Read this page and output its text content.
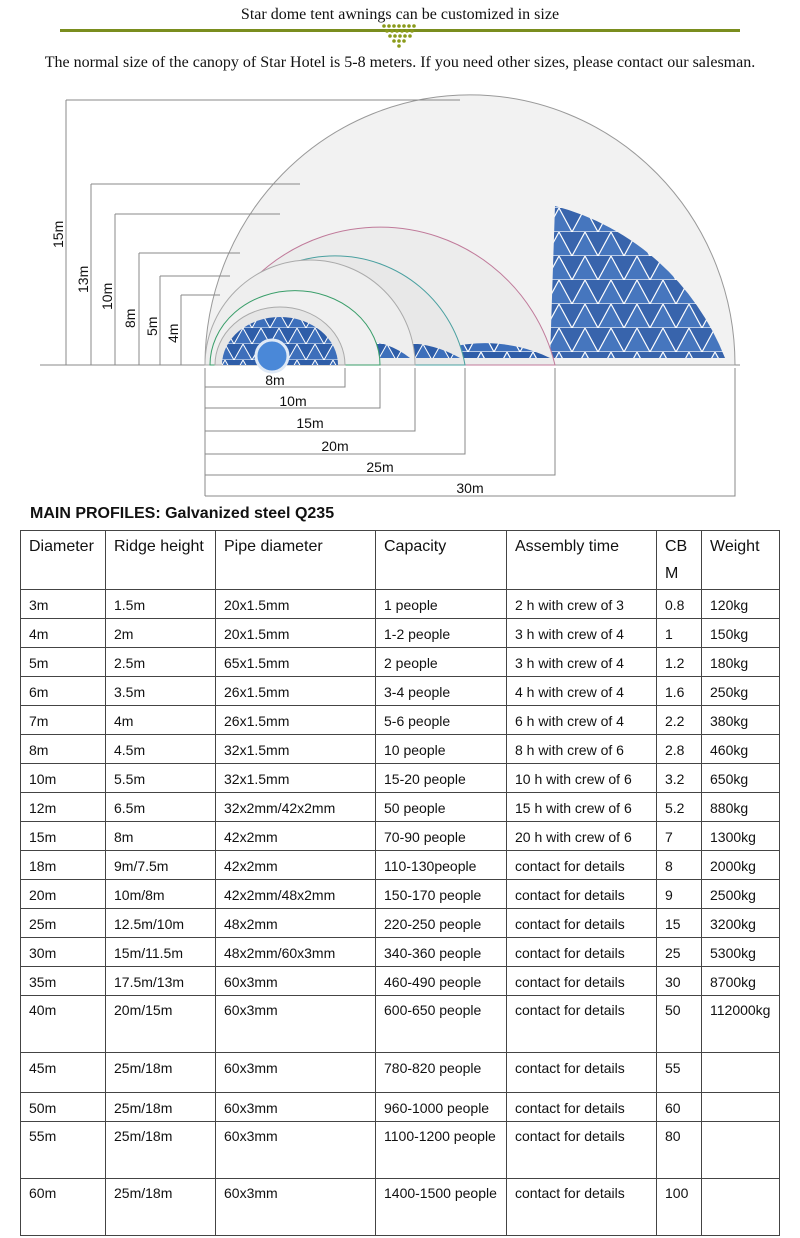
Star dome tent awnings can be customized in size
The normal size of the canopy of Star Hotel is 5-8 meters. If you need other sizes, please contact our salesman.
15m
13m
10m
8m 5m 4m
8m
10m
15m
20m
25m
30m
MAIN PROFILES: Galvanized steel Q235
Diameter	Ridge height	Pipe diameter	Capacity	Assembly time	CBM	Weight
3m	1.5m	20x1.5mm	1 people	2 h with crew of 3	0.8	120kg
4m	2m	20x1.5mm	1-2 people	3 h with crew of 4	1	150kg
5m	2.5m	65x1.5mm	2 people	3 h with crew of 4	1.2	180kg
6m	3.5m	26x1.5mm	3-4 people	4 h with crew of 4	1.6	250kg
7m	4m	26x1.5mm	5-6 people	6 h with crew of 4	2.2	380kg
8m	4.5m	32x1.5mm	10 people	8 h with crew of 6	2.8	460kg
10m	5.5m	32x1.5mm	15-20 people	10 h with crew of 6	3.2	650kg
12m	6.5m	32x2mm/42x2mm	50 people	15 h with crew of 6	5.2	880kg
15m	8m	42x2mm	70-90 people	20 h with crew of 6	7	1300kg
18m	9m/7.5m	42x2mm	110-130people	contact for details	8	2000kg
20m	10m/8m	42x2mm/48x2mm	150-170 people	contact for details	9	2500kg
25m	12.5m/10m	48x2mm	220-250 people	contact for details	15	3200kg
30m	15m/11.5m	48x2mm/60x3mm	340-360 people	contact for details	25	5300kg
35m	17.5m/13m	60x3mm	460-490 people	contact for details	30	8700kg
40m	20m/15m	60x3mm	600-650 people	contact for details	50	112000kg
45m	25m/18m	60x3mm	780-820 people	contact for details	55	
50m	25m/18m	60x3mm	960-1000 people	contact for details	60	
55m	25m/18m	60x3mm	1100-1200 people	contact for details	80	
60m	25m/18m	60x3mm	1400-1500 people	contact for details	100	
